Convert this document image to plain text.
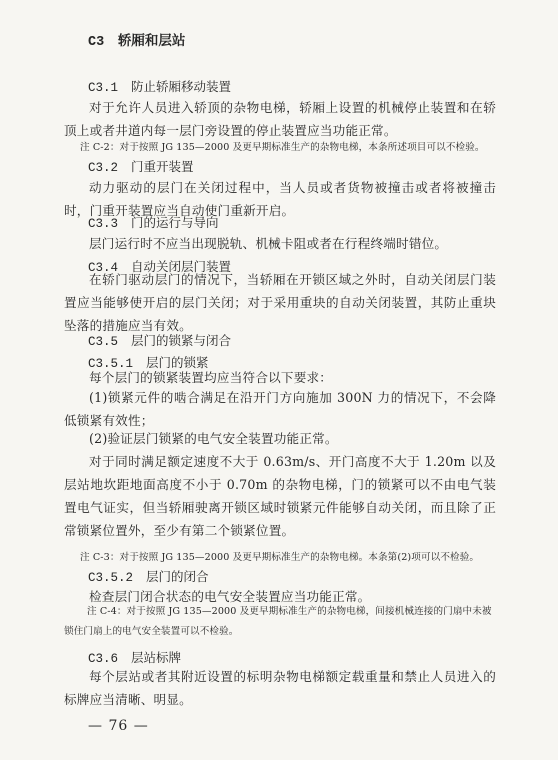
C3 轿厢和层站
C3.1 防止轿厢移动装置

对于允许人员进入轿顶的杂物电梯，轿厢上设置的机械停止装置和在轿顶上或者井道内每一层门旁设置的停止装置应当功能正常。

注 C-2：对于按照 JG 135—2000 及更早期标准生产的杂物电梯，本条所述项目可以不检验。

C3.2 门重开装置

动力驱动的层门在关闭过程中，当人员或者货物被撞击或者将被撞击时，门重开装置应当自动使门重新开启。

C3.3 门的运行与导向

层门运行时不应当出现脱轨、机械卡阻或者在行程终端时错位。

C3.4 自动关闭层门装置

在轿门驱动层门的情况下，当轿厢在开锁区域之外时，自动关闭层门装置应当能够使开启的层门关闭；对于采用重块的自动关闭装置，其防止重块坠落的措施应当有效。

C3.5 层门的锁紧与闭合
C3.5.1 层门的锁紧

每个层门的锁紧装置均应当符合以下要求：

(1)锁紧元件的啮合满足在沿开门方向施加 300N 力的情况下，不会降低锁紧有效性；

(2)验证层门锁紧的电气安全装置功能正常。

对于同时满足额定速度不大于 0.63m/s、开门高度不大于 1.20m 以及层站地坎距地面高度不小于 0.70m 的杂物电梯，门的锁紧可以不由电气装置电气证实，但当轿厢驶离开锁区域时锁紧元件能够自动关闭，而且除了正常锁紧位置外，至少有第二个锁紧位置。

注 C-3：对于按照 JG 135—2000 及更早期标准生产的杂物电梯。本条第(2)项可以不检验。

C3.5.2 层门的闭合

检查层门闭合状态的电气安全装置应当功能正常。

注 C-4：对于按照 JG 135—2000 及更早期标准生产的杂物电梯，间接机械连接的门扇中未被锁住门扇上的电气安全装置可以不检验。

C3.6 层站标牌

每个层站或者其附近设置的标明杂物电梯额定载重量和禁止人员进入的标牌应当清晰、明显。

— 76 —
